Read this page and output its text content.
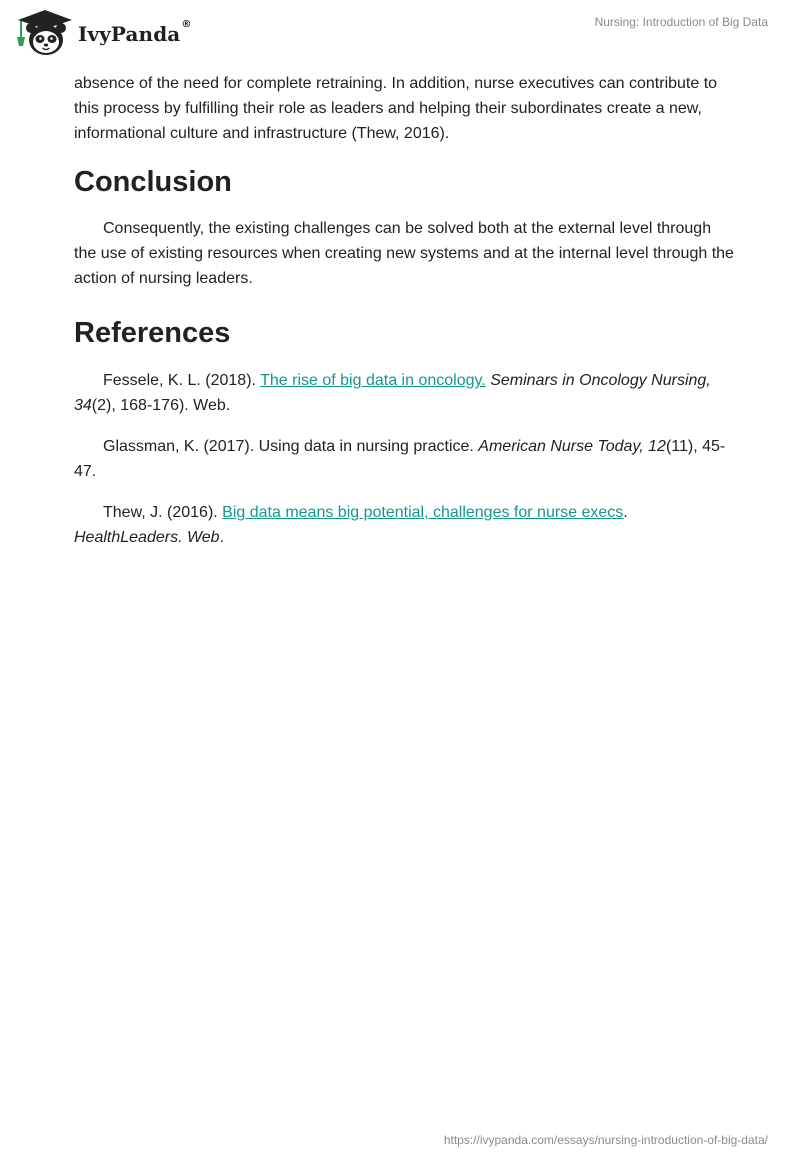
IvyPanda ®	Nursing: Introduction of Big Data

absence of the need for complete retraining. In addition, nurse executives can contribute to this process by fulfilling their role as leaders and helping their subordinates create a new, informational culture and infrastructure (Thew, 2016).

Conclusion

Consequently, the existing challenges can be solved both at the external level through the use of existing resources when creating new systems and at the internal level through the action of nursing leaders.

References

Fessele, K. L. (2018). The rise of big data in oncology. Seminars in Oncology Nursing, 34(2), 168-176). Web.

Glassman, K. (2017). Using data in nursing practice. American Nurse Today, 12(11), 45-47.

Thew, J. (2016). Big data means big potential, challenges for nurse execs. HealthLeaders. Web.

https://ivypanda.com/essays/nursing-introduction-of-big-data/
